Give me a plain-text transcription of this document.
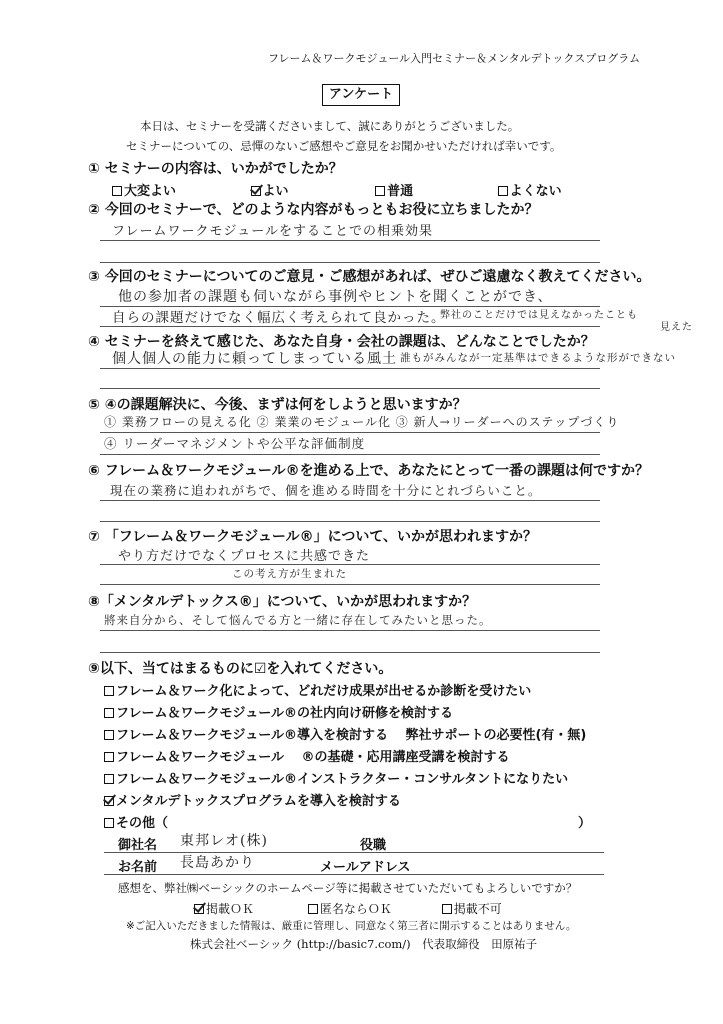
フレーム＆ワークモジュール入門セミナー＆メンタルデトックスプログラム
アンケート
本日は、セミナーを受講くださいまして、誠にありがとうございました。
セミナーについての、忌憚のないご感想やご意見をお聞かせいただければ幸いです。
① セミナーの内容は、いかがでしたか？
大変よい	よい	普通	よくない
② 今回のセミナーで、どのような内容がもっともお役に立ちましたか？
フレームワークモジュールをすることでの相乗効果
③ 今回のセミナーについてのご意見・ご感想があれば、ぜひご遠慮なく教えてください。
他の参加者の課題も伺いながら事例やヒントを聞くことができ、
自らの課題だけでなく幅広く考えられて良かった。
弊社のことだけでは見えなかったことも
見えた
④ セミナーを終えて感じた、あなた自身・会社の課題は、どんなことでしたか？
個人個人の能力に頼ってしまっている風土 誰もがみんなが一定基準はできるような形ができない
⑤ ④の課題解決に、今後、まずは何をしようと思いますか？
① 業務フローの見える化 ② 業業のモジュール化 ③ 新人→リーダーへのステップづくり
④ リーダーマネジメントや公平な評価制度
⑥ フレーム＆ワークモジュール®を進める上で、あなたにとって一番の課題は何ですか？
現在の業務に追われがちで、個を進める時間を十分にとれづらいこと。
⑦ 「フレーム＆ワークモジュール®」について、いかが思われますか？
やり方だけでなくプロセスに共感できた
この考え方が生まれた
⑧「メンタルデトックス®」について、いかが思われますか？
將来自分から、そして悩んでる方と一緒に存在してみたいと思った。
⑨以下、当てはまるものに☑を入れてください。
フレーム＆ワーク化によって、どれだけ成果が出せるか診断を受けたい
フレーム＆ワークモジュール®の社内向け研修を検討する
フレーム＆ワークモジュール®導入を検討する　 弊社サポートの必要性(有・無)
フレーム＆ワークモジュール　 ®の基礎・応用講座受講を検討する
フレーム＆ワークモジュール®インストラクター・コンサルタントになりたい
メンタルデトックスプログラムを導入を検討する
その他（	）
御社名 東邦レオ(株)	役職
お名前 長島あかり	メールアドレス
感想を、弊社㈱ベーシックのホームページ等に掲載させていただいてもよろしいですか？
掲載ＯＫ	匿名ならＯＫ	掲載不可
※ご記入いただきました情報は、厳重に管理し、同意なく第三者に開示することはありません。
株式会社ベーシック (http://basic7.com/)　代表取締役　田原祐子
